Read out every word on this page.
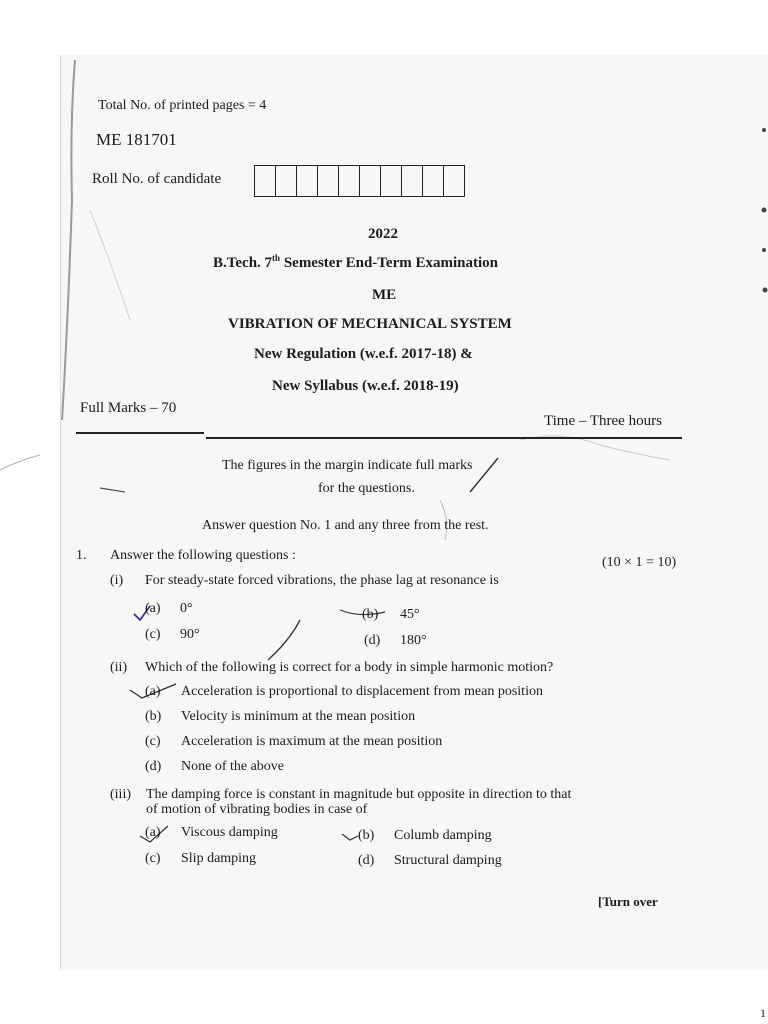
Total No. of printed pages = 4
ME 181701
Roll No. of candidate
2022
B.Tech. 7th Semester End-Term Examination
ME
VIBRATION OF MECHANICAL SYSTEM
New Regulation (w.e.f. 2017-18) &
New Syllabus (w.e.f. 2018-19)
Full Marks – 70
Time – Three hours
The figures in the margin indicate full marks
for the questions.
Answer question No. 1 and any three from the rest.
1. Answer the following questions :	(10 × 1 = 10)
(i) For steady-state forced vibrations, the phase lag at resonance is
(a) 0°	(b) 45°
(c) 90°	(d) 180°
(ii) Which of the following is correct for a body in simple harmonic motion?
(a) Acceleration is proportional to displacement from mean position
(b) Velocity is minimum at the mean position
(c) Acceleration is maximum at the mean position
(d) None of the above
(iii) The damping force is constant in magnitude but opposite in direction to that
of motion of vibrating bodies in case of
(a) Viscous damping	(b) Columb damping
(c) Slip damping	(d) Structural damping
[Turn over
1
